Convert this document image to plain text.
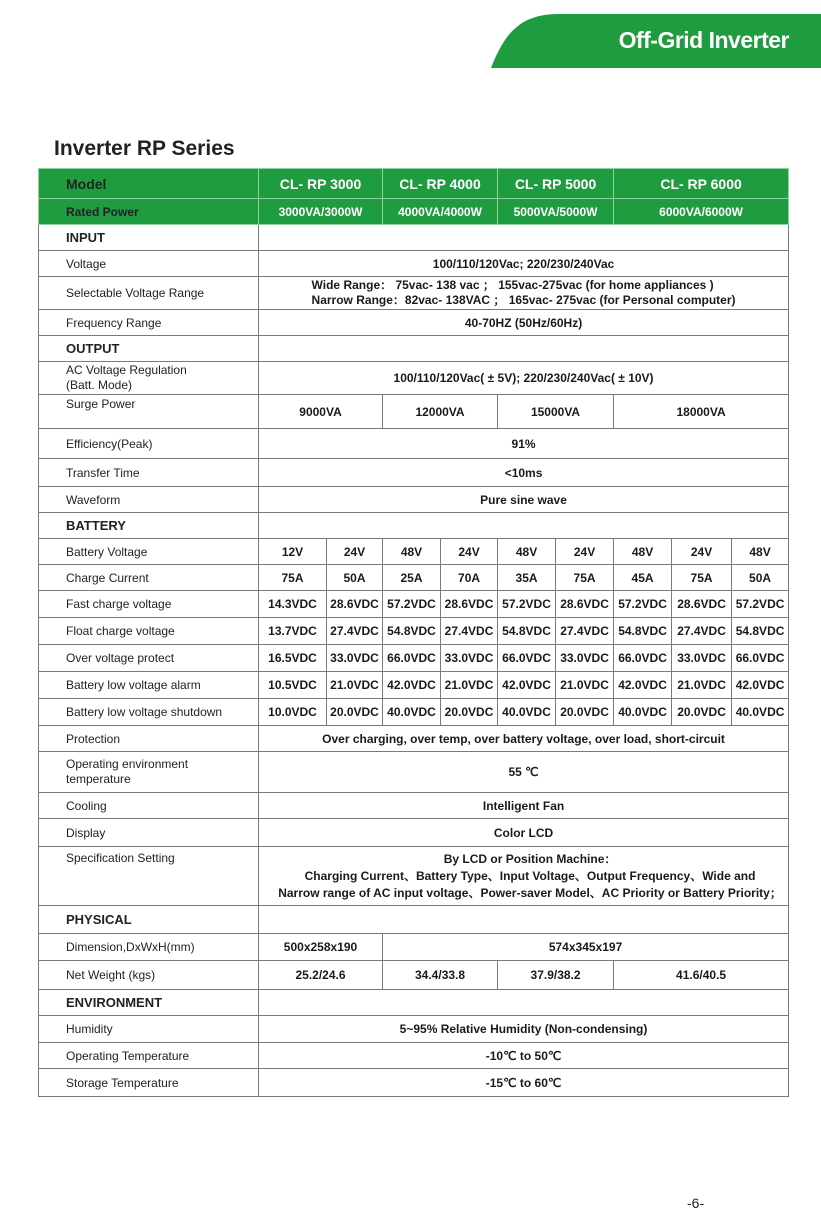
Off-Grid Inverter
Inverter RP Series
Model	CL- RP 3000		CL- RP 4000		CL- RP 5000		CL- RP 6000		
Rated Power	3000VA/3000W		4000VA/4000W		5000VA/5000W		6000VA/6000W		
INPUT									
Voltage	100/110/120Vac; 220/230/240Vac								
Selectable Voltage Range	Wide Range： 75vac- 138 vac ； 155vac-275vac (for home appliances )
Narrow Range：82vac- 138VAC ； 165vac- 275vac (for Personal computer)								
Frequency Range	40-70HZ (50Hz/60Hz)								
OUTPUT									
AC Voltage Regulation
(Batt. Mode)	100/110/120Vac( ± 5V); 220/230/240Vac( ± 10V)								
Surge Power	9000VA		12000VA		15000VA		18000VA		
Efficiency(Peak)	91%								
Transfer Time	<10ms								
Waveform	Pure sine wave								
BATTERY									
Battery Voltage	12V	24V	48V	24V	48V	24V	48V	24V	48V
Charge Current	75A	50A	25A	70A	35A	75A	45A	75A	50A
Fast charge voltage	14.3VDC	28.6VDC	57.2VDC	28.6VDC	57.2VDC	28.6VDC	57.2VDC	28.6VDC	57.2VDC
Float charge voltage	13.7VDC	27.4VDC	54.8VDC	27.4VDC	54.8VDC	27.4VDC	54.8VDC	27.4VDC	54.8VDC
Over voltage protect	16.5VDC	33.0VDC	66.0VDC	33.0VDC	66.0VDC	33.0VDC	66.0VDC	33.0VDC	66.0VDC
Battery low voltage alarm	10.5VDC	21.0VDC	42.0VDC	21.0VDC	42.0VDC	21.0VDC	42.0VDC	21.0VDC	42.0VDC
Battery low voltage shutdown	10.0VDC	20.0VDC	40.0VDC	20.0VDC	40.0VDC	20.0VDC	40.0VDC	20.0VDC	40.0VDC
Protection	Over charging, over temp, over battery voltage, over load, short-circuit								
Operating environment
temperature	55 ℃								
Cooling	Intelligent Fan								
Display	Color LCD								
Specification Setting	By LCD or Position Machine：
Charging Current、Battery Type、Input Voltage、Output Frequency、Wide and
Narrow range of AC input voltage、Power-saver Model、AC Priority or Battery Priority；								
PHYSICAL									
Dimension,DxWxH(mm)	500x258x190		574x345x197						
Net Weight (kgs)	25.2/24.6		34.4/33.8		37.9/38.2		41.6/40.5		
ENVIRONMENT									
Humidity	5~95% Relative Humidity (Non-condensing)								
Operating Temperature	-10℃ to 50℃								
Storage Temperature	-15℃ to 60℃								
-6-
